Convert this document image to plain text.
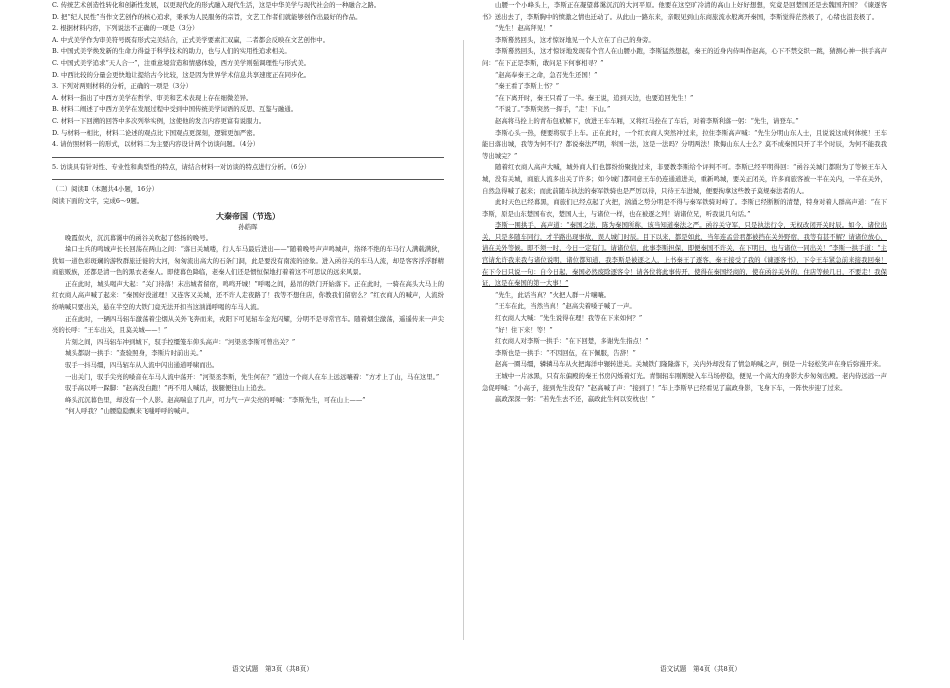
C. 传统艺术创造性转化和创新性发展，以更现代化的形式融入现代生活，这是中华美学与现代社会的一种融合之路。

D. 把“纪人民性”当作文艺创作的核心追求，秉承为人民服务的宗旨，文艺工作者们就能够创作出最好的作品。

2. 根据材料内容，下列说法不正确的一项是（3分）

A. 中式美学作为审美符号既有形式完美结合，正式美学要素汇双赢，二者都会反映在文艺创作中。

B. 中国式美学焕发新的生命力得益于科学技术的助力，也与人们的实用性追求相关。

C. 中国式美学追求“天人合一”，注重意境营造和情感体验，西方美学则强调理性与形式美。

D. 中西比较的分量会更快地让提给古今比较，这是因为世界学术信息共享速度正在同步化。

3. 下列对两则材料的分析，正确的一项是（3分）

A. 材料一指出了中西方美学在哲学、审美和艺术表现上存在细微差异。

B. 材料二阐述了中西方美学在发展过程中受到中国传统美学词语的反思、互鉴与融通。

C. 材料一下回溯的回答中多次列举实例，这使他的发言内容更富有说服力。

D. 与材料一相比，材料二论述的观点比下国观点更深刻，逻辑更加严密。

4. 请仿照材料一的形式，以材料二为主要内容设计两个访谈问题。（4分）

5. 访谈具有针对性、专业性和典型性的特点，请结合材料一对访谈的特点进行分析。（6分）

（二）阅读Ⅱ（本题共4小题，16分）

阅读下面的文字，完成6～9题。

大秦帝国（节选）

孙皓晖

晚霞似火，沉沉暮霭中的函谷关吹起了悠扬的晚号。

垛口士兵的鸣城声长长回荡在两山之间：“落日关城喽，行人车马最后进出——”随着晚号声声鸣城声，络绎不绝的车马行人满载满狄，犹如一道色彩斑斓的游牧群旅迁徙的大河，匆匆流出高大的石条门洞，此是要没有南流的迹象。进入函谷关的车马人流，却是客客浮浮群精商旅贩族，还都是清一色的黑衣老秦人。即使暮色降临，老秦人们还是惯恒保地打着着这不可思议的远来风景。

正在此时，城头喝声大起：“关门待落！末出城者留宿，鸣鸣开城！”呼喝之间，悬吊的铁门开始落下。正在此时，一骑在高头大马上的红衣商人高声喊了起来：“秦国好没道理！又连客又关城，还不许人走夜路了！我等不想住店，你教我们留宿么？”红衣商人的喊声，人流纷纷呐喊只要出关，悬在半空的大铁门竟无法开扣当这汹涌呼喝的车马人流。

正在此时，一辆四马轺车激荡着尘烟从关外飞奔而来，戎阳下可见轺车金光闪耀，分明不是寻常官车。随着烟尘激荡，遥遥传来一声尖亮的长呼：“王车出关，且莫关城——！”

片刻之间，四马轺车冲到城下，驭手控缰笼车仰头高声：“河渠丞李斯可曾出关？”

城头都尉一拱手：“查验照身，李斯片时前出关。”

驭手一抖马缰，四马轺车从人流中闪出通道呼啸而出。

一出关门，驭手尖亮的嗓音在车马人流中荡开：“河渠丞李斯，先生何在？”道边一个商人在车上远远嚷着：“方才上了山，马在这里。”

驭手高以呼一跺脚：“赵高没白跑！”再不用人喊话，拔腿便往山上追去。

峰头沉沉暮色里，却没有一个人影。赵高喘息了几声，可力气一声尖亮的呼喊：“李斯先生，可在山上——”

“何人呼我？”山腰隐隐飘来飞嗤呼呼的喊声。

山腰一个小峰头上，李斯正在凝望暮霭沉沉的大河平原。他要在这空旷冷清的高山上好好想想，究竟是回楚国还是去魏国齐国？《谏逐客书》送出去了，李斯胸中的愤激之情也迁动了。从此山一路东来，亲眼见到山东商旅流水般离开秦国，李斯觉得茫然极了，心绪也沮丧极了。

“先生！赵高拜见！”

李斯蓦然回头，这才惊讶地见一个人立在了自己的身旁。

李斯蓦然回头，这才惊讶地发现有个宫人在山腰小跑，李斯猛然想起，秦王的近身内侍叫作赵高，心下不禁交织一跳，猜测心神一拱手高声问：“在下正是李斯，敢问足下何事相寻？”

“赵高奉秦王之命，急召先生还国！”

“秦王看了李斯上书？”

“在下离开时，秦王只看了一半。秦王说，追到天边，也要追回先生！”

“不说了。”李斯突然一挥手，“走！下山。”

赵高将马拴上的青布包袱解下，放进王车车厢，又将红马拴在了车后，对着李斯利落一躬：“先生，请登车。”

李斯心头一热，便要将驭手上车。正在此时，一个红衣商人突然冲过来，拉住李斯高声喊：“先生分明山东人士，且说说这成何体统！王车能日落出城，我等为何不行？都说秦法严明，举国一法，这是一法吗？分明两法！欺侮山东人士么？莫不成秦国只开了半个时辰，为何不能我我等出城完？”

随着红衣商人高声大喊，城外商人们也都纷纷聚拢过来，非要教李斯给个评判不可。李斯已经平明得回：“函谷关城门都附为了等候王车入城，没有关城，商旅人流多出关了许多；如今城门都同意王车仍连通道进关，重新鸣城，要关正闭关，许多商旅客被一半在关内，一半在关外，自然急得喊了起来；而此前随车执法的秦军铁骑也是严厉以待，只待王车进城，便要拘拿这些教子莫规秦法者的人。

此时天色已经暮黑，商旅们已经点起了火把，汹涌之势分明是不得与秦军铁骑对峙了。李斯已经断断的清楚，特身对着人群高声道：“在下李斯，原是山东楚国布衣，楚国人士，与诸位一样，也在被逐之列！请诸位兄，听我说几句话。”

李斯一围拱手，高声道：“秦国之法，陈为秦国所称，该当知道秦法之严。函谷关守军，只是执法行令，无权改闭开关时辰。如今，诸位出关，只是多随车同行，才半路出现事故，误人城门时辰。目下以来，都是如此，当年连孟尝君都被挡在关外野宿，我等有甚不解？请诸位放心，请在关外等候。即不须一时，今日一定有门。请诸位信，此事李斯担保，即便秦国不许关，在下明日，也与诸位一同出关！”李斯一拱手道：“主官请允许我来我与诸位说明，诸位都知道，我李斯是被逐之人，上书秦王了逐客，秦王接受了我的《谏逐客书》，下令王车紧急前来接我回秦！在下今日只说一句：自今日起，秦国必然废除逐客令！请各位将此事传开，使得在秦国经商的，使在函谷关外的，住店等候几日，不要走！我保证，这是在秦国的第一大事！”

“先生，此话当真？”火把人群一片嚷嚷。

“王车在此，当然当真！”赵高尖着嗓子喊了一声。

红衣商人大喊：“先生说得在理！我等在下来如何？”

“好！住下来！等！”

红衣商人对李斯一拱手：“在下回楚，多谢先生指点！”

李斯也是一拱手：“不因回伍，在下佩服，告辞！”

赵高一圈马缰，辚辚马车从火把海洋中辗转进关。关城铁门隆隆落下，关内外却没有了情急呐喊之声，倒是一片轻松笑声在身后弥漫开来。

王城中一片冰黑，只有东偏殿的秦王书房闪烁着灯光。青铜轺车刚刚驶入车马场停稳，便见一个高大的身影大步匆匆出殿。老内侍远远一声急促呼喊：“小高子，接到先生没有？”赵高喊了声：“接到了！”车上李斯早已经看见了嬴政身影，飞身下车，一阵快步迎了过来。

嬴政深深一躬：“若先生去不还，嬴政此生何以安枕也！”

语文试题　第3页（共8页）	语文试题　第4页（共8页）
